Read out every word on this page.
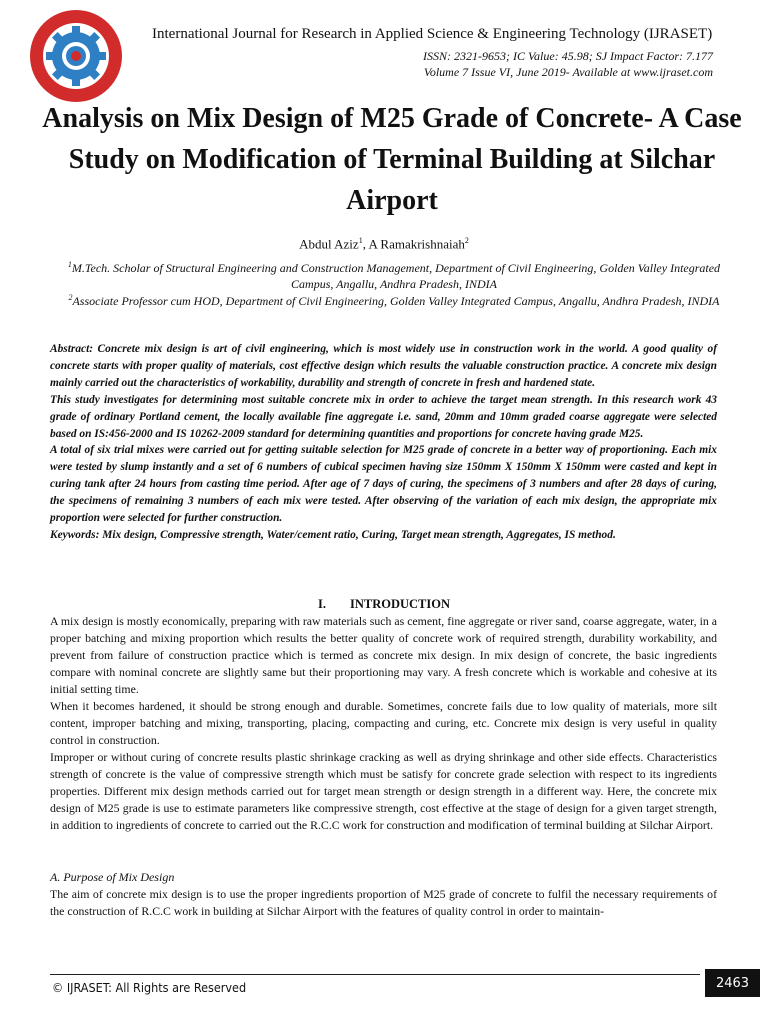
International Journal for Research in Applied Science & Engineering Technology (IJRASET)
ISSN: 2321-9653; IC Value: 45.98; SJ Impact Factor: 7.177
Volume 7 Issue VI, June 2019- Available at www.ijraset.com
Analysis on Mix Design of M25 Grade of Concrete- A Case Study on Modification of Terminal Building at Silchar Airport
Abdul Aziz$^1$, A Ramakrishnaiah$^2$
$^1$M.Tech. Scholar of Structural Engineering and Construction Management, Department of Civil Engineering, Golden Valley Integrated Campus, Angallu, Andhra Pradesh, INDIA
$^2$Associate Professor cum HOD, Department of Civil Engineering, Golden Valley Integrated Campus, Angallu, Andhra Pradesh, INDIA

Abstract: Concrete mix design is art of civil engineering, which is most widely use in construction work in the world. A good quality of concrete starts with proper quality of materials, cost effective design which results the valuable construction practice. A concrete mix design mainly carried out the characteristics of workability, durability and strength of concrete in fresh and hardened state.

This study investigates for determining most suitable concrete mix in order to achieve the target mean strength. In this research work 43 grade of ordinary Portland cement, the locally available fine aggregate i.e. sand, 20mm and 10mm graded coarse aggregate were selected based on IS:456-2000 and IS 10262-2009 standard for determining quantities and proportions for concrete having grade M25.

A total of six trial mixes were carried out for getting suitable selection for M25 grade of concrete in a better way of proportioning. Each mix were tested by slump instantly and a set of 6 numbers of cubical specimen having size 150mm X 150mm X 150mm were casted and kept in curing tank after 24 hours from casting time period. After age of 7 days of curing, the specimens of 3 numbers and after 28 days of curing, the specimens of remaining 3 numbers of each mix were tested. After observing of the variation of each mix design, the appropriate mix proportion were selected for further construction.

Keywords: Mix design, Compressive strength, Water/cement ratio, Curing, Target mean strength, Aggregates, IS method.

I. INTRODUCTION

A mix design is mostly economically, preparing with raw materials such as cement, fine aggregate or river sand, coarse aggregate, water, in a proper batching and mixing proportion which results the better quality of concrete work of required strength, durability workability, and prevent from failure of construction practice which is termed as concrete mix design. In mix design of concrete, the basic ingredients compare with nominal concrete are slightly same but their proportioning may vary. A fresh concrete which is workable and cohesive at its initial setting time.

When it becomes hardened, it should be strong enough and durable. Sometimes, concrete fails due to low quality of materials, more silt content, improper batching and mixing, transporting, placing, compacting and curing, etc. Concrete mix design is very useful in quality control in construction.

Improper or without curing of concrete results plastic shrinkage cracking as well as drying shrinkage and other side effects. Characteristics strength of concrete is the value of compressive strength which must be satisfy for concrete grade selection with respect to its ingredients properties. Different mix design methods carried out for target mean strength or design strength in a different way. Here, the concrete mix design of M25 grade is use to estimate parameters like compressive strength, cost effective at the stage of design for a given target strength, in addition to ingredients of concrete to carried out the R.C.C work for construction and modification of terminal building at Silchar Airport.

A. Purpose of Mix Design

The aim of concrete mix design is to use the proper ingredients proportion of M25 grade of concrete to fulfil the necessary requirements of the construction of R.C.C work in building at Silchar Airport with the features of quality control in order to maintain-

© IJRASET: All Rights are Reserved	2463
